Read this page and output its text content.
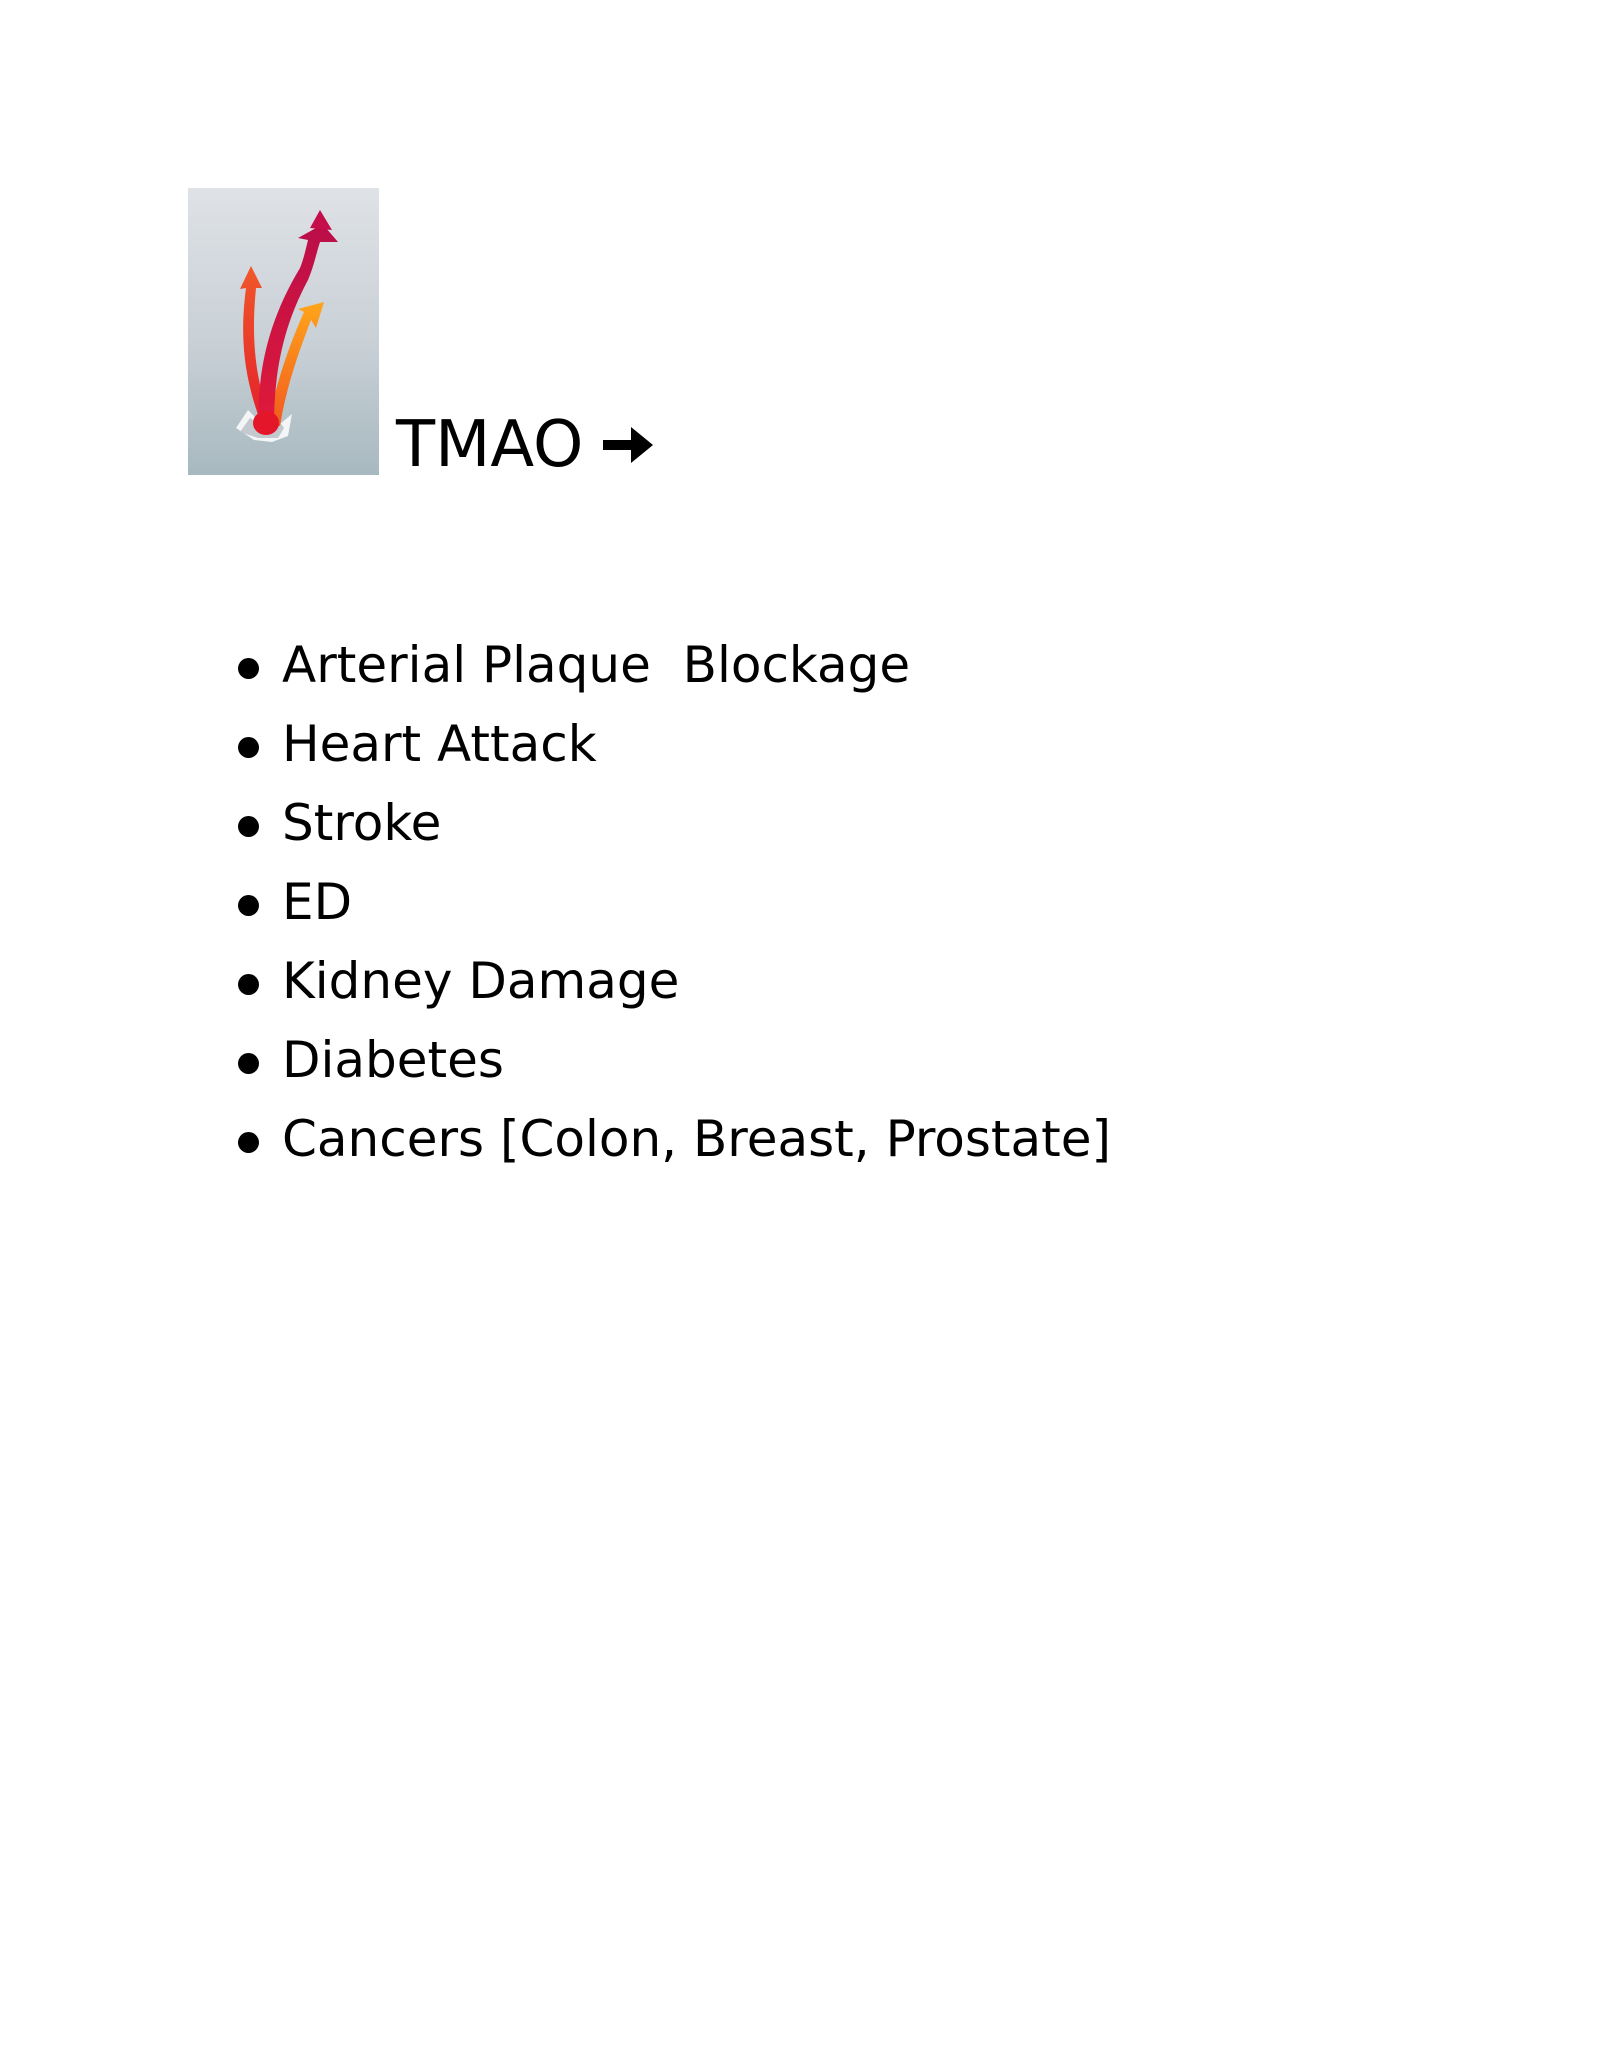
TMAO
Arterial Plaque  Blockage
Heart Attack
Stroke
ED
Kidney Damage
Diabetes
Cancers [Colon, Breast, Prostate]
